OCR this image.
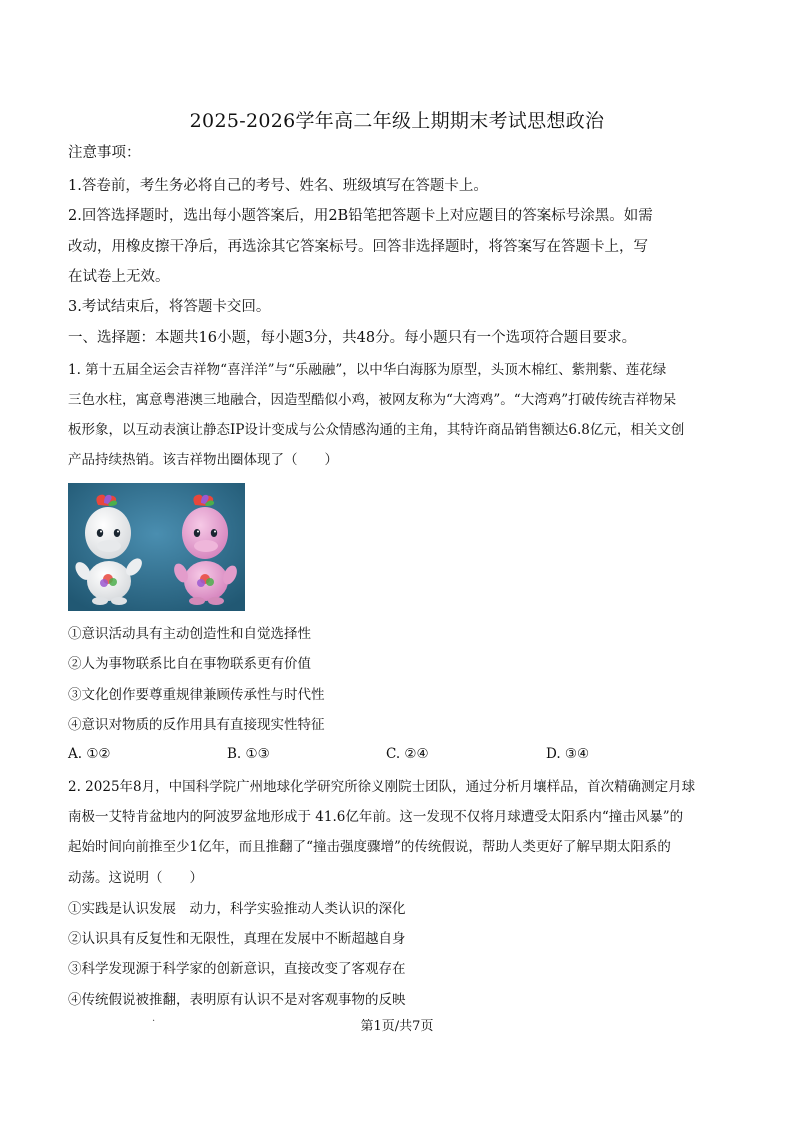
2025-2026学年高二年级上期期末考试思想政治
注意事项：
1.答卷前，考生务必将自己的考号、姓名、班级填写在答题卡上。
2.回答选择题时，选出每小题答案后，用2B铅笔把答题卡上对应题目的答案标号涂黑。如需
改动，用橡皮擦干净后，再选涂其它答案标号。回答非选择题时，将答案写在答题卡上，写
在试卷上无效。
3.考试结束后，将答题卡交回。
一、选择题：本题共16小题，每小题3分，共48分。每小题只有一个选项符合题目要求。
1. 第十五届全运会吉祥物“喜洋洋”与“乐融融”，以中华白海豚为原型，头顶木棉红、紫荆紫、莲花绿
三色水柱，寓意粤港澳三地融合，因造型酷似小鸡，被网友称为“大湾鸡”。“大湾鸡”打破传统吉祥物呆
板形象，以互动表演让静态IP设计变成与公众情感沟通的主角，其特许商品销售额达6.8亿元，相关文创
产品持续热销。该吉祥物出圈体现了（　　）
①意识活动具有主动创造性和自觉选择性
②人为事物联系比自在事物联系更有价值
③文化创作要尊重规律兼顾传承性与时代性
④意识对物质的反作用具有直接现实性特征
A. ①②	B. ①③	C. ②④	D. ③④
2. 2025年8月，中国科学院广州地球化学研究所徐义刚院士团队，通过分析月壤样品，首次精确测定月球
南极一艾特肯盆地内的阿波罗盆地形成于 41.6亿年前。这一发现不仅将月球遭受太阳系内“撞击风暴”的
起始时间向前推至少1亿年，而且推翻了“撞击强度骤增”的传统假说，帮助人类更好了解早期太阳系的
动荡。这说明（　　）
①实践是认识发展　动力，科学实验推动人类认识的深化
②认识具有反复性和无限性，真理在发展中不断超越自身
③科学发现源于科学家的创新意识，直接改变了客观存在
④传统假说被推翻，表明原有认识不是对客观事物的反映
·	第1页/共7页
